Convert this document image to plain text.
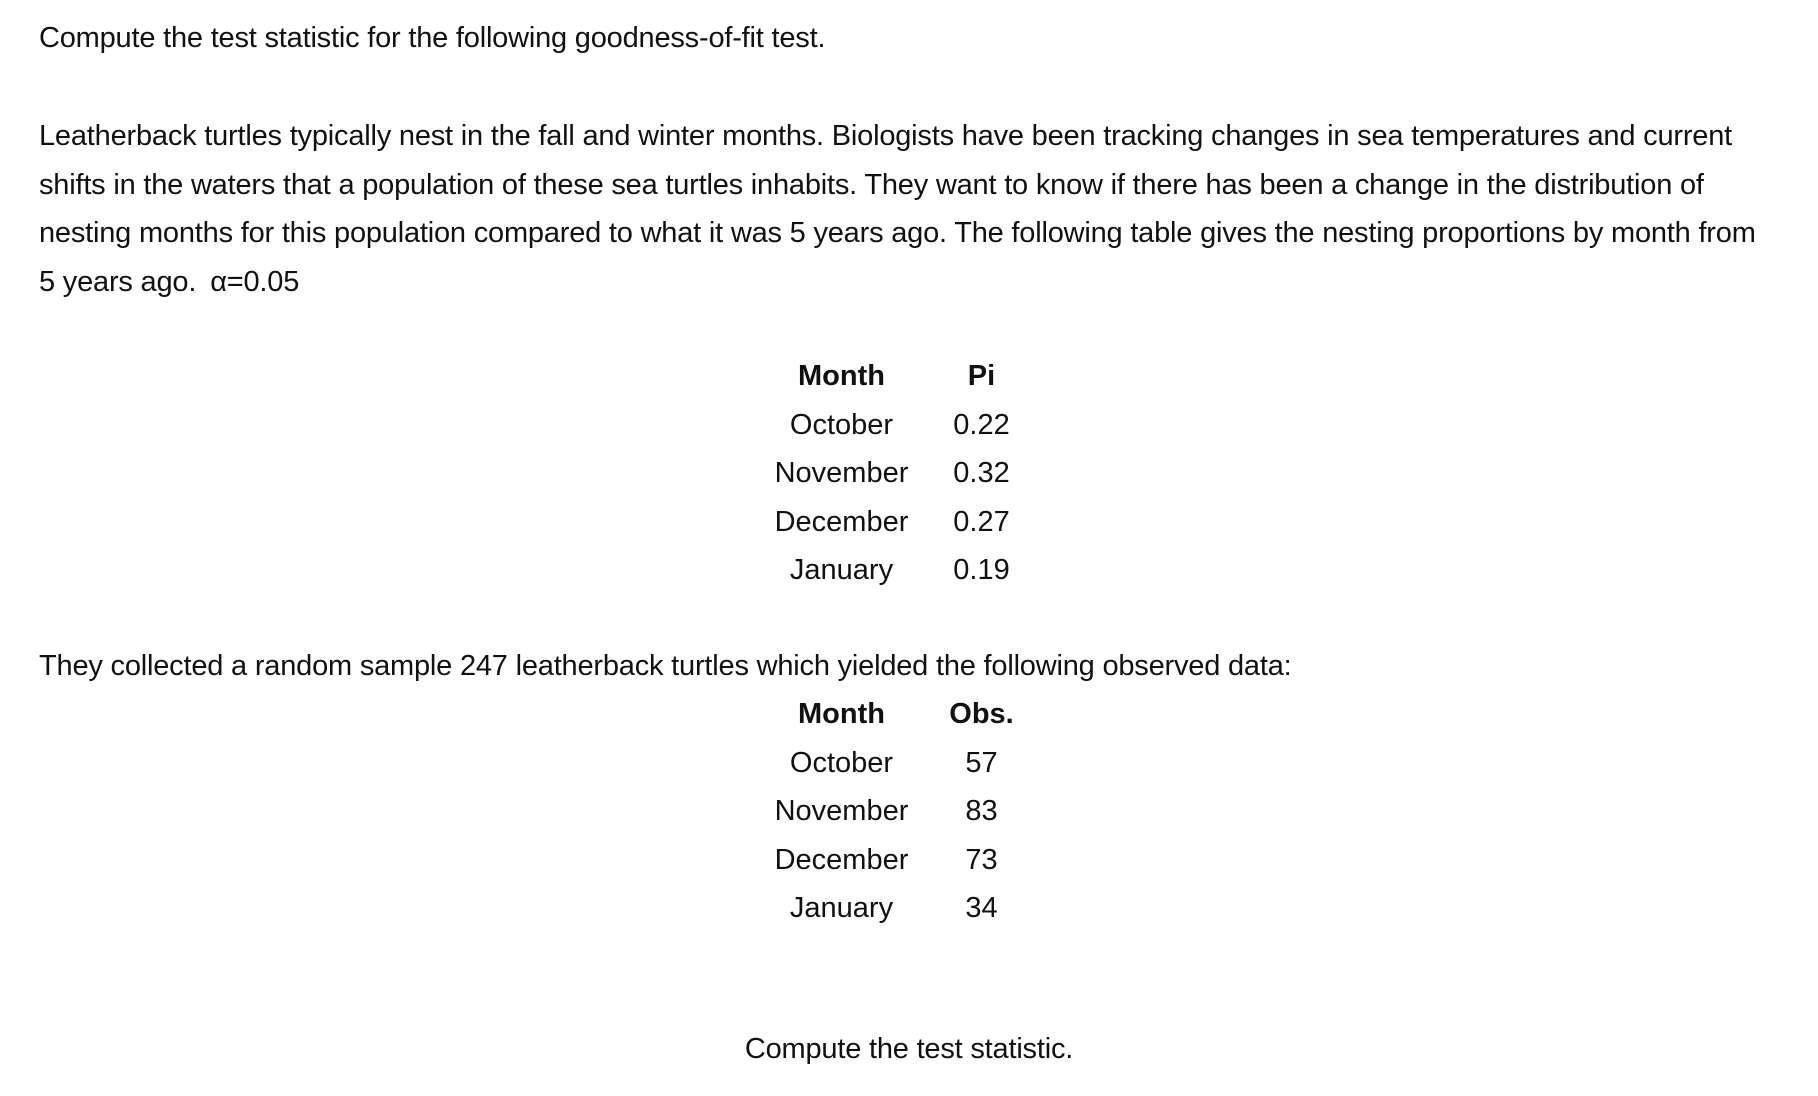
Compute the test statistic for the following goodness-of-fit test.

Leatherback turtles typically nest in the fall and winter months. Biologists have been tracking changes in sea temperatures and current shifts in the waters that a population of these sea turtles inhabits. They want to know if there has been a change in the distribution of nesting months for this population compared to what it was 5 years ago. The following table gives the nesting proportions by month from 5 years ago. α=0.05

Month	Pi
October	0.22
November	0.32
December	0.27
January	0.19
They collected a random sample 247 leatherback turtles which yielded the following observed data:
Month	Obs.
October	57
November	83
December	73
January	34
Compute the test statistic.
